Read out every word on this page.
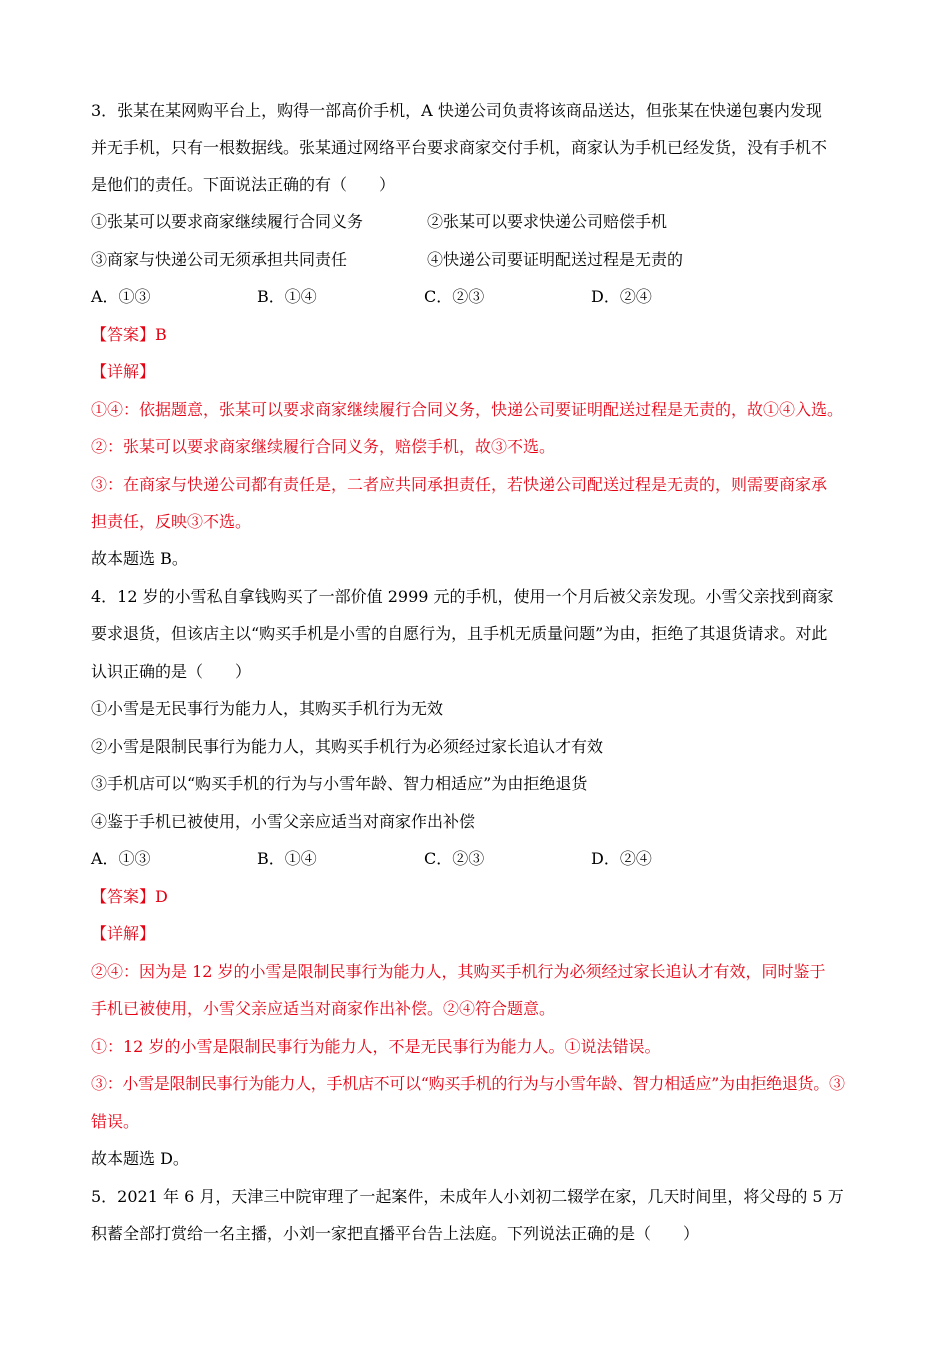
3．张某在某网购平台上，购得一部高价手机，A 快递公司负责将该商品送达，但张某在快递包裹内发现
并无手机，只有一根数据线。张某通过网络平台要求商家交付手机，商家认为手机已经发货，没有手机不
是他们的责任。下面说法正确的有（　　）
①张某可以要求商家继续履行合同义务	②张某可以要求快递公司赔偿手机
③商家与快递公司无须承担共同责任	④快递公司要证明配送过程是无责的
A．①③	B．①④	C．②③	D．②④
【答案】B
【详解】
①④：依据题意，张某可以要求商家继续履行合同义务，快递公司要证明配送过程是无责的，故①④入选。
②：张某可以要求商家继续履行合同义务，赔偿手机，故③不选。
③：在商家与快递公司都有责任是，二者应共同承担责任，若快递公司配送过程是无责的，则需要商家承
担责任，反映③不选。
故本题选 B。
4．12 岁的小雪私自拿钱购买了一部价值 2999 元的手机，使用一个月后被父亲发现。小雪父亲找到商家
要求退货，但该店主以“购买手机是小雪的自愿行为，且手机无质量问题”为由，拒绝了其退货请求。对此
认识正确的是（　　）
①小雪是无民事行为能力人，其购买手机行为无效
②小雪是限制民事行为能力人，其购买手机行为必须经过家长追认才有效
③手机店可以“购买手机的行为与小雪年龄、智力相适应”为由拒绝退货
④鉴于手机已被使用，小雪父亲应适当对商家作出补偿
A．①③	B．①④	C．②③	D．②④
【答案】D
【详解】
②④：因为是 12 岁的小雪是限制民事行为能力人，其购买手机行为必须经过家长追认才有效，同时鉴于
手机已被使用，小雪父亲应适当对商家作出补偿。②④符合题意。
①：12 岁的小雪是限制民事行为能力人，不是无民事行为能力人。①说法错误。
③：小雪是限制民事行为能力人，手机店不可以“购买手机的行为与小雪年龄、智力相适应”为由拒绝退货。③
错误。
故本题选 D。
5．2021 年 6 月，天津三中院审理了一起案件，未成年人小刘初二辍学在家，几天时间里，将父母的 5 万
积蓄全部打赏给一名主播，小刘一家把直播平台告上法庭。下列说法正确的是（　　）
